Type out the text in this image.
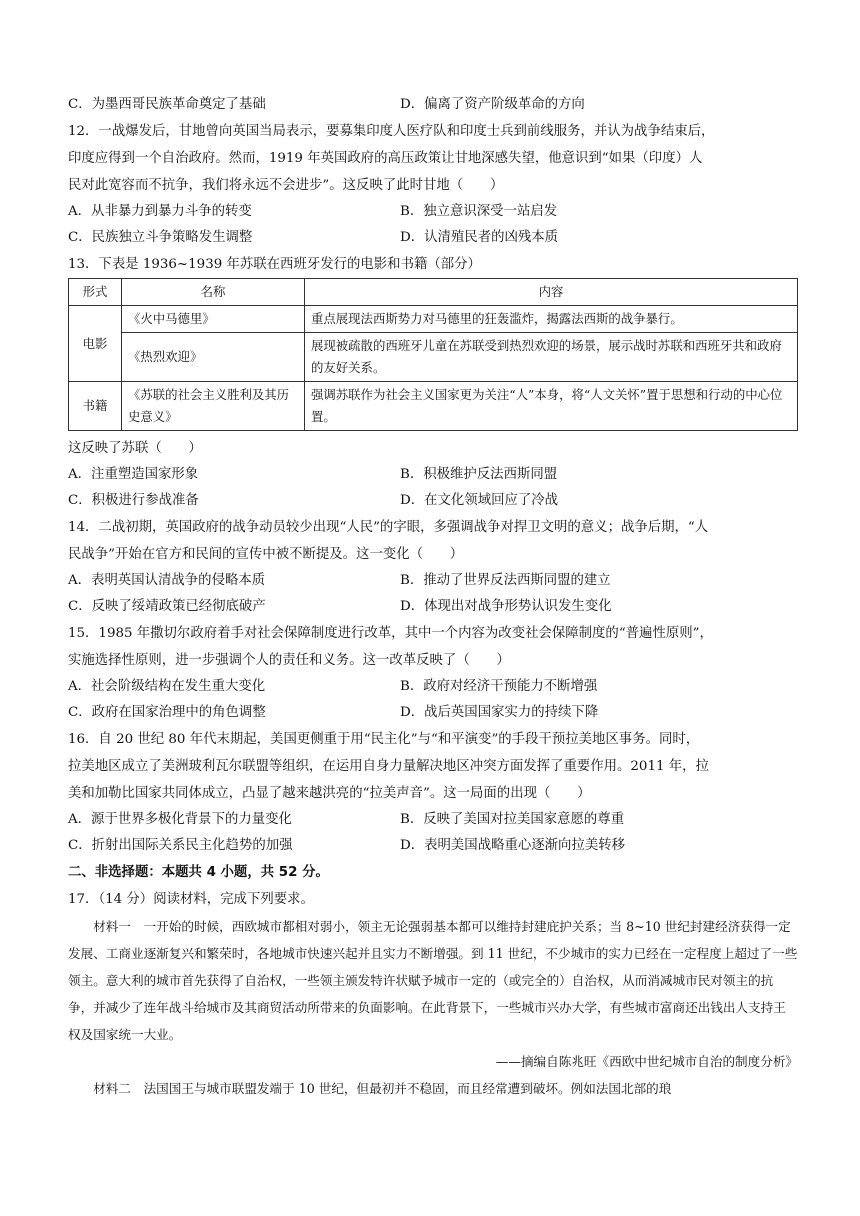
C．为墨西哥民族革命奠定了基础	D．偏离了资产阶级革命的方向
12．一战爆发后，甘地曾向英国当局表示，要募集印度人医疗队和印度士兵到前线服务，并认为战争结束后，
印度应得到一个自治政府。然而，1919 年英国政府的高压政策让甘地深感失望，他意识到“如果（印度）人
民对此宽容而不抗争，我们将永远不会进步”。这反映了此时甘地（　　）
A．从非暴力到暴力斗争的转变	B．独立意识深受一站启发
C．民族独立斗争策略发生调整	D．认清殖民者的凶残本质
13．下表是 1936~1939 年苏联在西班牙发行的电影和书籍（部分）
形式	名称	内容
电影	《火中马德里》	重点展现法西斯势力对马德里的狂轰滥炸，揭露法西斯的战争暴行。
	《热烈欢迎》	展现被疏散的西班牙儿童在苏联受到热烈欢迎的场景，展示战时苏联和西班牙共和政府的友好关系。
书籍	《苏联的社会主义胜利及其历史意义》	强调苏联作为社会主义国家更为关注“人”本身，将“人文关怀”置于思想和行动的中心位置。
这反映了苏联（　　）
A．注重塑造国家形象	B．积极维护反法西斯同盟
C．积极进行参战准备	D．在文化领域回应了冷战
14．二战初期，英国政府的战争动员较少出现“人民”的字眼，多强调战争对捍卫文明的意义；战争后期，“人
民战争”开始在官方和民间的宣传中被不断提及。这一变化（　　）
A．表明英国认清战争的侵略本质	B．推动了世界反法西斯同盟的建立
C．反映了绥靖政策已经彻底破产	D．体现出对战争形势认识发生变化
15．1985 年撒切尔政府着手对社会保障制度进行改革，其中一个内容为改变社会保障制度的“普遍性原则”，
实施选择性原则，进一步强调个人的责任和义务。这一改革反映了（　　）
A．社会阶级结构在发生重大变化	B．政府对经济干预能力不断增强
C．政府在国家治理中的角色调整	D．战后英国国家实力的持续下降
16．自 20 世纪 80 年代末期起，美国更侧重于用“民主化”与“和平演变”的手段干预拉美地区事务。同时，
拉美地区成立了美洲玻利瓦尔联盟等组织，在运用自身力量解决地区冲突方面发挥了重要作用。2011 年，拉
美和加勒比国家共同体成立，凸显了越来越洪亮的“拉美声音”。这一局面的出现（　　）
A．源于世界多极化背景下的力量变化	B．反映了美国对拉美国家意愿的尊重
C．折射出国际关系民主化趋势的加强	D．表明美国战略重心逐渐向拉美转移
二、非选择题：本题共 4 小题，共 52 分。
17．（14 分）阅读材料，完成下列要求。
材料一　一开始的时候，西欧城市都相对弱小，领主无论强弱基本都可以维持封建庇护关系；当 8~10 世纪封建经济获得一定发展、工商业逐渐复兴和繁荣时，各地城市快速兴起并且实力不断增强。到 11 世纪，不少城市的实力已经在一定程度上超过了一些领主。意大利的城市首先获得了自治权，一些领主颁发特许状赋予城市一定的（或完全的）自治权，从而消减城市民对领主的抗争，并减少了连年战斗给城市及其商贸活动所带来的负面影响。在此背景下，一些城市兴办大学，有些城市富商还出钱出人支持王权及国家统一大业。
——摘编自陈兆旺《西欧中世纪城市自治的制度分析》
材料二　法国国王与城市联盟发端于 10 世纪，但最初并不稳固，而且经常遭到破坏。例如法国北部的琅
